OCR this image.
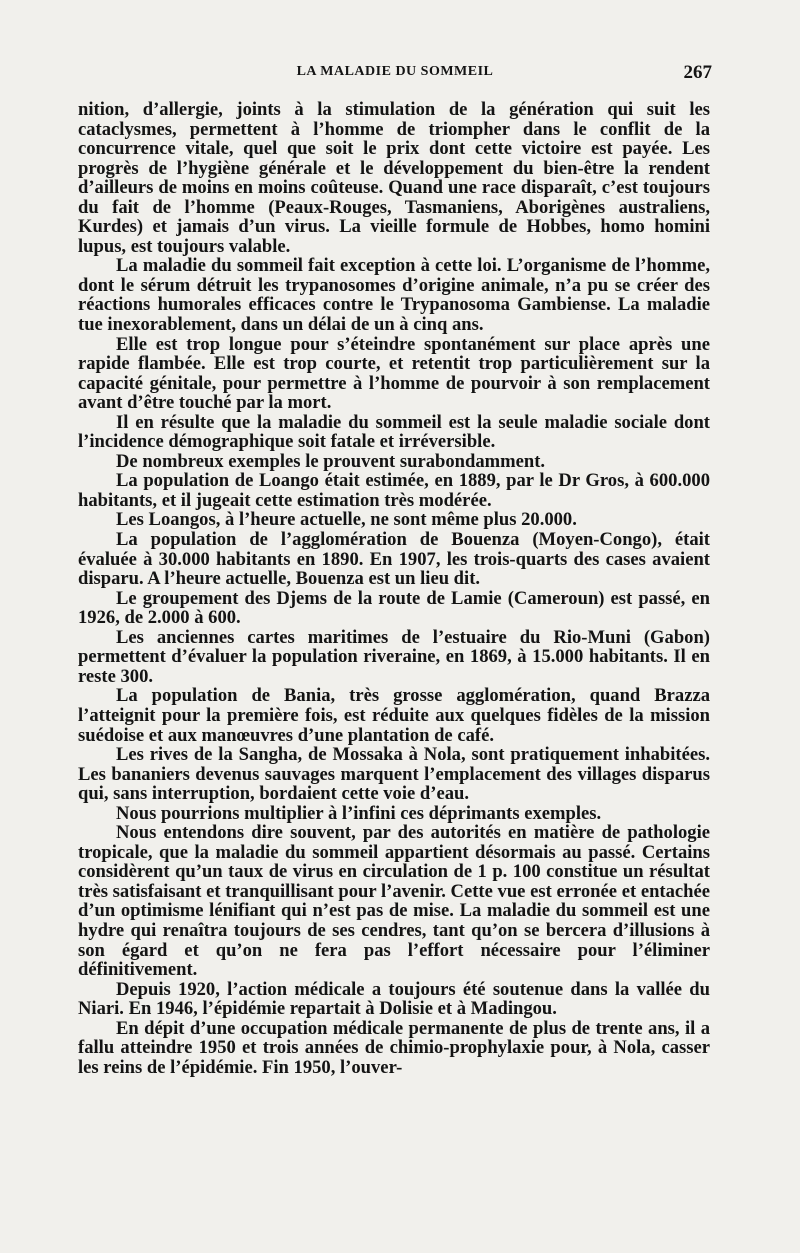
LA MALADIE DU SOMMEIL	267

nition, d’allergie, joints à la stimulation de la génération qui suit les cataclysmes, permettent à l’homme de triompher dans le conflit de la concurrence vitale, quel que soit le prix dont cette victoire est payée. Les progrès de l’hygiène générale et le développement du bien-être la rendent d’ailleurs de moins en moins coûteuse. Quand une race disparaît, c’est toujours du fait de l’homme (Peaux-Rouges, Tasmaniens, Aborigènes australiens, Kurdes) et jamais d’un virus. La vieille formule de Hobbes, homo homini lupus, est toujours valable.

La maladie du sommeil fait exception à cette loi. L’organisme de l’homme, dont le sérum détruit les trypanosomes d’origine animale, n’a pu se créer des réactions humorales efficaces contre le Trypanosoma Gambiense. La maladie tue inexorablement, dans un délai de un à cinq ans.

Elle est trop longue pour s’éteindre spontanément sur place après une rapide flambée. Elle est trop courte, et retentit trop particulièrement sur la capacité génitale, pour permettre à l’homme de pourvoir à son remplacement avant d’être touché par la mort.

Il en résulte que la maladie du sommeil est la seule maladie sociale dont l’incidence démographique soit fatale et irréversible.

De nombreux exemples le prouvent surabondamment.

La population de Loango était estimée, en 1889, par le Dr Gros, à 600.000 habitants, et il jugeait cette estimation très modérée.

Les Loangos, à l’heure actuelle, ne sont même plus 20.000.

La population de l’agglomération de Bouenza (Moyen-Congo), était évaluée à 30.000 habitants en 1890. En 1907, les trois-quarts des cases avaient disparu. A l’heure actuelle, Bouenza est un lieu dit.

Le groupement des Djems de la route de Lamie (Cameroun) est passé, en 1926, de 2.000 à 600.

Les anciennes cartes maritimes de l’estuaire du Rio-Muni (Gabon) permettent d’évaluer la population riveraine, en 1869, à 15.000 habitants. Il en reste 300.

La population de Bania, très grosse agglomération, quand Brazza l’atteignit pour la première fois, est réduite aux quelques fidèles de la mission suédoise et aux manœuvres d’une plantation de café.

Les rives de la Sangha, de Mossaka à Nola, sont pratiquement inhabitées. Les bananiers devenus sauvages marquent l’emplacement des villages disparus qui, sans interruption, bordaient cette voie d’eau.

Nous pourrions multiplier à l’infini ces déprimants exemples.

Nous entendons dire souvent, par des autorités en matière de pathologie tropicale, que la maladie du sommeil appartient désormais au passé. Certains considèrent qu’un taux de virus en circulation de 1 p. 100 constitue un résultat très satisfaisant et tranquillisant pour l’avenir. Cette vue est erronée et entachée d’un optimisme lénifiant qui n’est pas de mise. La maladie du sommeil est une hydre qui renaîtra toujours de ses cendres, tant qu’on se bercera d’illusions à son égard et qu’on ne fera pas l’effort nécessaire pour l’éliminer définitivement.

Depuis 1920, l’action médicale a toujours été soutenue dans la vallée du Niari. En 1946, l’épidémie repartait à Dolisie et à Madingou.

En dépit d’une occupation médicale permanente de plus de trente ans, il a fallu atteindre 1950 et trois années de chimio-prophylaxie pour, à Nola, casser les reins de l’épidémie. Fin 1950, l’ouver-
